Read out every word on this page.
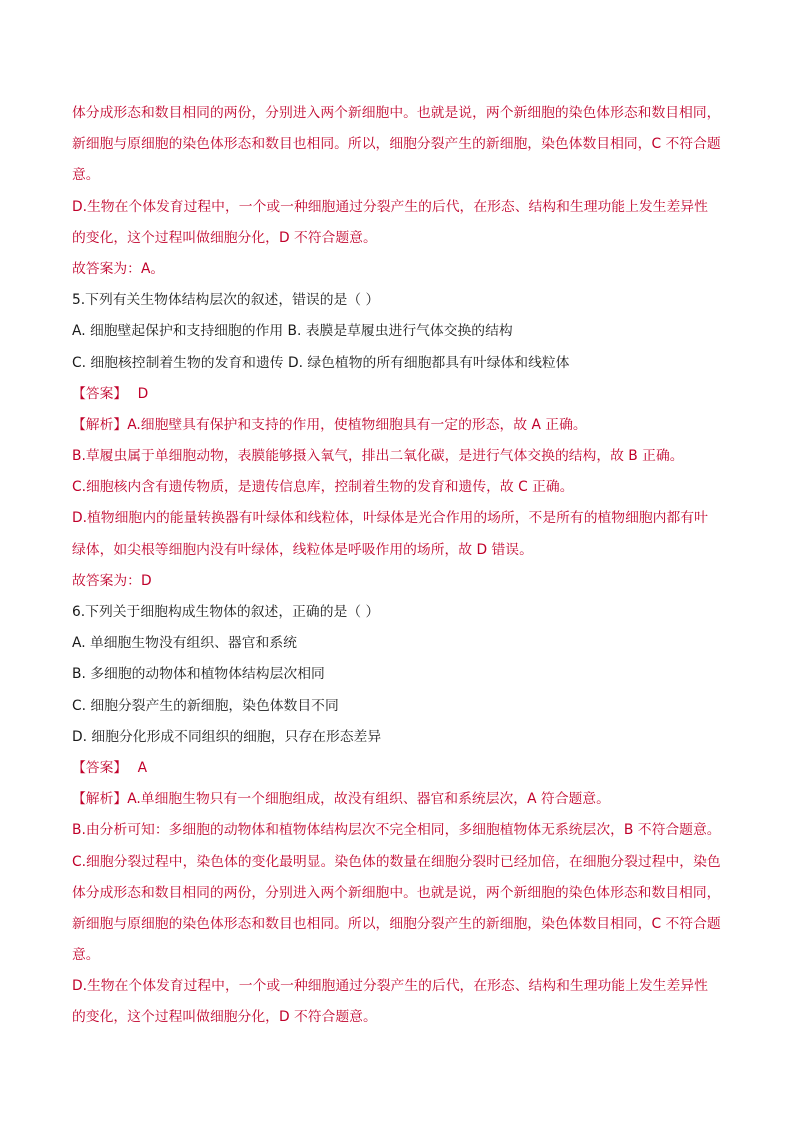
体分成形态和数目相同的两份，分别进入两个新细胞中。也就是说，两个新细胞的染色体形态和数目相同，
新细胞与原细胞的染色体形态和数目也相同。所以，细胞分裂产生的新细胞，染色体数目相同，C 不符合题
意。
D.生物在个体发育过程中，一个或一种细胞通过分裂产生的后代，在形态、结构和生理功能上发生差异性
的变化，这个过程叫做细胞分化，D 不符合题意。
故答案为：A。
5.下列有关生物体结构层次的叙述，错误的是（ ）
A. 细胞壁起保护和支持细胞的作用 B. 表膜是草履虫进行气体交换的结构
C. 细胞核控制着生物的发育和遗传 D. 绿色植物的所有细胞都具有叶绿体和线粒体
【答案】 D
【解析】A.细胞壁具有保护和支持的作用，使植物细胞具有一定的形态，故 A 正确。
B.草履虫属于单细胞动物，表膜能够摄入氧气，排出二氧化碳，是进行气体交换的结构，故 B 正确。
C.细胞核内含有遗传物质，是遗传信息库，控制着生物的发育和遗传，故 C 正确。
D.植物细胞内的能量转换器有叶绿体和线粒体，叶绿体是光合作用的场所，不是所有的植物细胞内都有叶
绿体，如尖根等细胞内没有叶绿体，线粒体是呼吸作用的场所，故 D 错误。
故答案为：D
6.下列关于细胞构成生物体的叙述，正确的是（ ）
A. 单细胞生物没有组织、器官和系统
B. 多细胞的动物体和植物体结构层次相同
C. 细胞分裂产生的新细胞，染色体数目不同
D. 细胞分化形成不同组织的细胞，只存在形态差异
【答案】 A
【解析】A.单细胞生物只有一个细胞组成，故没有组织、器官和系统层次，A 符合题意。
B.由分析可知：多细胞的动物体和植物体结构层次不完全相同，多细胞植物体无系统层次，B 不符合题意。
C.细胞分裂过程中，染色体的变化最明显。染色体的数量在细胞分裂时已经加倍，在细胞分裂过程中，染色
体分成形态和数目相同的两份，分别进入两个新细胞中。也就是说，两个新细胞的染色体形态和数目相同，
新细胞与原细胞的染色体形态和数目也相同。所以，细胞分裂产生的新细胞，染色体数目相同，C 不符合题
意。
D.生物在个体发育过程中，一个或一种细胞通过分裂产生的后代，在形态、结构和生理功能上发生差异性
的变化，这个过程叫做细胞分化，D 不符合题意。
